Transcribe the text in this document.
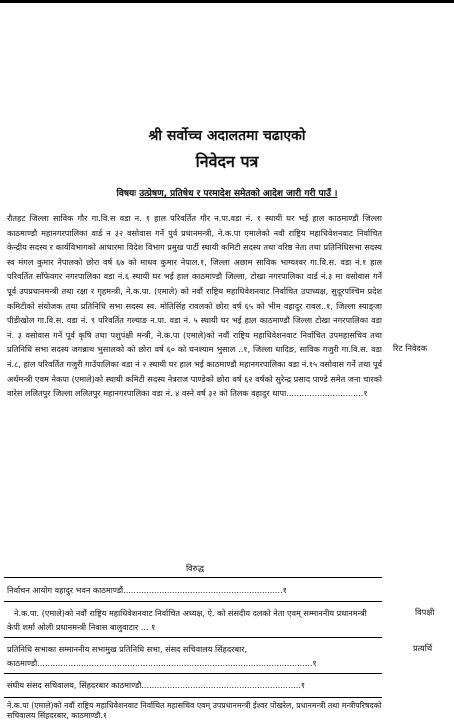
श्री सर्वोच्च अदालतमा चढाएको
निवेदन पत्र
विषयः उत्प्रेषण, प्रतिषेध र परमादेश समेतको आदेश जारी गरी पाउँ ।
रौतहट जिल्ला साविक गौर गा.वि.स वडा न. १ हाल परिवर्तित गौर न.पा.वडा नं. १ स्थायी घर भई हाल काठमाण्डौ जिल्ला काठमाण्डौ महानगरपालिका वार्ड न ३२ वसोवास गर्ने पुर्व प्रधानमन्त्री, ने.क.पा एमालेको नवौ राष्ट्रिय महाधिवेशनवाट निर्वाचित केन्द्रीय सदस्य र कार्यविभागको आधारमा विदेश विभाग प्रमुख पार्टी स्थायी कमिटी सदस्य तथा वरिष्ठ नेता तथा प्रतिनिधिसभा सदस्य स्व मंगल कुमार नेपालको छोरा वर्ष ६७ को माधव कुमार नेपाल.१, जिल्ला अछाम साविक भाग्यश्वर गा.वि.स. वडा नं.१ हाल परिवर्तित साँफेवगर नगरपालिका वडा नं.६ स्थायी घर भई हाल काठमाण्डौ जिल्ला, टोखा नगरपालिका वार्ड नं.३ मा वसोवास गर्ने पूर्व उपप्रधानमन्त्री तथा रक्षा र गृहमन्त्री, ने.क.पा. (एमाले) को नवौं राष्ट्रिय महाधिवेशनवाट निर्वाचित उपाध्यक्ष, सुदूरपश्चिम प्रदेश कमिटीको संयोजक तथा प्रतिनिधि सभा सदस्य स्व. मोतिसिंह रावलको छोरा वर्ष ६५ को भीम वहादुर रावल..१, जिल्ला स्याङ्जा पीडीखोल गा.वि.स. वडा नं. ९ परिवर्तित गल्याङ न.पा. वडा नं. ५ स्थायी घर भई हाल काठमाण्डौ जिल्ला टोखा नगरपालिका वडा नं. ३ वसोवास गर्ने पूर्व कृषि तथा पशुपंक्षी मन्त्री, ने.क.पा (एमाले)को नवौं राष्ट्रिय महाधिवेशनवाट निर्वाचित उपमहासचिव तथा प्रतिनिधि सभा सदस्य जगन्नाथ भुसालको को छोरा वर्ष ६० को घनश्याम भुसाल ..१, जिल्ला धादिङ, साविक गजुरी गा.वि.स. वडा नं.८, हाल परिवर्तित गजुरी गाउँपालिका वडा नं २ स्थायी घर हाल भई काठमाण्डौ महानगरपालिका वडा नं.१५ वसोवास गर्ने तथा पूर्व अर्थमन्त्री एवम नेकपा (एमाले)को स्थायी कमिटी सदस्य नेत्रराज पाण्डेको छोरा वर्ष ६२ वर्षको सुरेन्द्र प्रसाद पाण्डे समेत जना चारको वारेस ललितपुर जिल्ला ललितपुर महानगरपालिका वडा नं. ४ वस्ने वर्ष ३२ को तिलक वहादुर थापा..............................१
रिट निवेदक
विरुद्ध
निर्वाचन आयोग वहादुर भवन काठमाण्डौं..............................................................१
ने.क.पा. (एमाले)को नवौं राष्ट्रिय महाधिवेशनवाट निर्वाचित अध्यक्ष, ऐ. को संसदीय दलको नेता एवम् सम्माननीय प्रधानमन्त्री केपी शर्मा ओली प्रधानमन्त्री निवास बालुवाटार ... १
प्रतिनिधि सभाका सम्माननीय सभामुख प्रतिनिधि सभा, संसद सचिवालय सिंहदरबार, काठमाण्डौ...........................................................................................................१
संघीय संसद सचिवालय, सिंहदरबार काठमाण्डौ..............................................................१
ने.क.पा (एमाले)को नवौं राष्ट्रिय महाधिवेशनवाट निर्वाचित महासचिव एवम् उपप्रधानमन्त्री ईश्वर पोखरेल, प्रधानमन्त्री तथा मन्त्रीपरिषदको सचिवालय सिंहदरबार, काठमाण्डौ.१
विपक्षी
प्रत्यर्थि
